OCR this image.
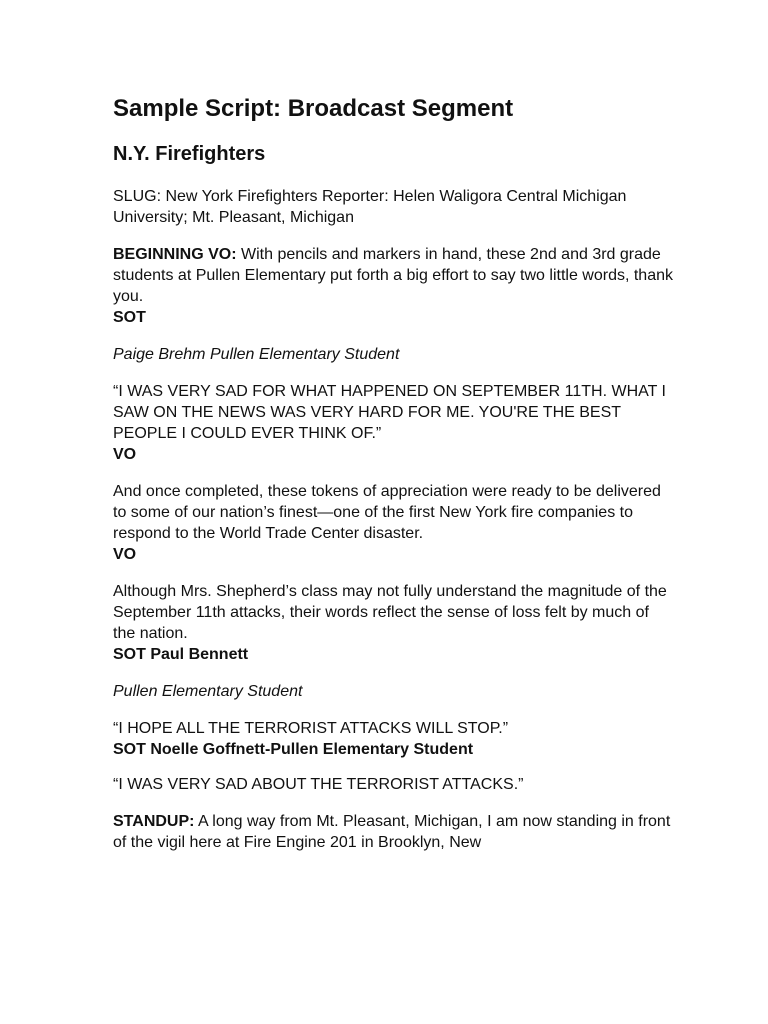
Sample Script: Broadcast Segment
N.Y. Firefighters

SLUG: New York Firefighters Reporter: Helen Waligora Central Michigan University; Mt. Pleasant, Michigan

BEGINNING VO: With pencils and markers in hand, these 2nd and 3rd grade students at Pullen Elementary put forth a big effort to say two little words, thank you.

SOT

Paige Brehm Pullen Elementary Student

“I WAS VERY SAD FOR WHAT HAPPENED ON SEPTEMBER 11TH. WHAT I SAW ON THE NEWS WAS VERY HARD FOR ME. YOU'RE THE BEST PEOPLE I COULD EVER THINK OF.”

VO

And once completed, these tokens of appreciation were ready to be delivered to some of our nation’s finest—one of the first New York fire companies to respond to the World Trade Center disaster.

VO

Although Mrs. Shepherd’s class may not fully understand the magnitude of the September 11th attacks, their words reflect the sense of loss felt by much of the nation.

SOT Paul Bennett

Pullen Elementary Student

“I HOPE ALL THE TERRORIST ATTACKS WILL STOP.”

SOT Noelle Goffnett-Pullen Elementary Student

“I WAS VERY SAD ABOUT THE TERRORIST ATTACKS.”

STANDUP: A long way from Mt. Pleasant, Michigan, I am now standing in front of the vigil here at Fire Engine 201 in Brooklyn, New
